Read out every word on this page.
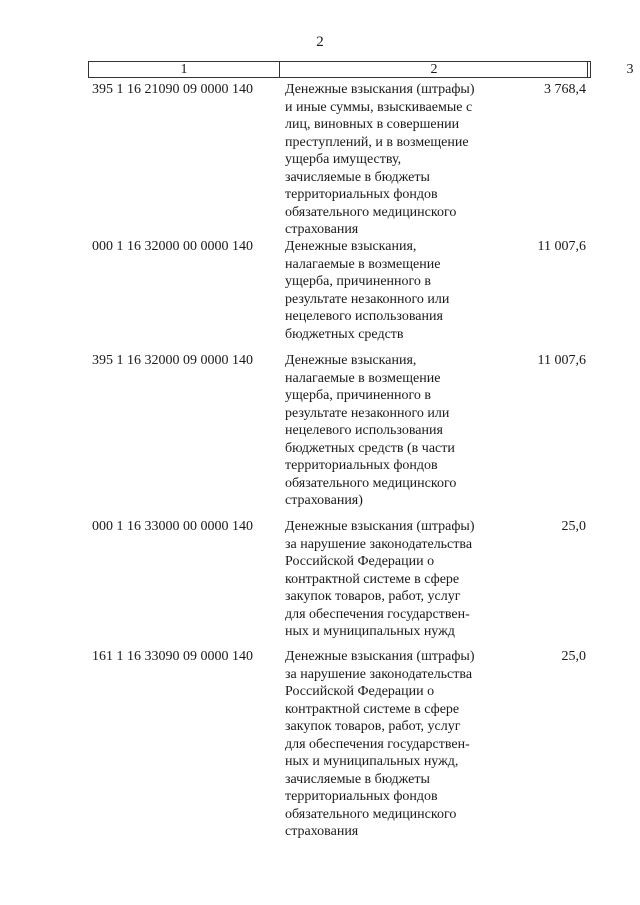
2
1	2	3
395 1 16 21090 09 0000 140	Денежные взыскания (штрафы)
и иные суммы, взыскиваемые с
лиц, виновных в совершении
преступлений, и в возмещение
ущерба имуществу,
зачисляемые в бюджеты
территориальных фондов
обязательного медицинского
страхования
3 768,4
000 1 16 32000 00 0000 140	Денежные взыскания,
налагаемые в возмещение
ущерба, причиненного в
результате незаконного или
нецелевого использования
бюджетных средств
11 007,6
395 1 16 32000 09 0000 140	Денежные взыскания,
налагаемые в возмещение
ущерба, причиненного в
результате незаконного или
нецелевого использования
бюджетных средств (в части
территориальных фондов
обязательного медицинского
страхования)
11 007,6
000 1 16 33000 00 0000 140	Денежные взыскания (штрафы)
за нарушение законодательства
Российской Федерации о
контрактной системе в сфере
закупок товаров, работ, услуг
для обеспечения государствен-
ных и муниципальных нужд
25,0
161 1 16 33090 09 0000 140	Денежные взыскания (штрафы)
за нарушение законодательства
Российской Федерации о
контрактной системе в сфере
закупок товаров, работ, услуг
для обеспечения государствен-
ных и муниципальных нужд,
зачисляемые в бюджеты
территориальных фондов
обязательного медицинского
страхования
25,0
